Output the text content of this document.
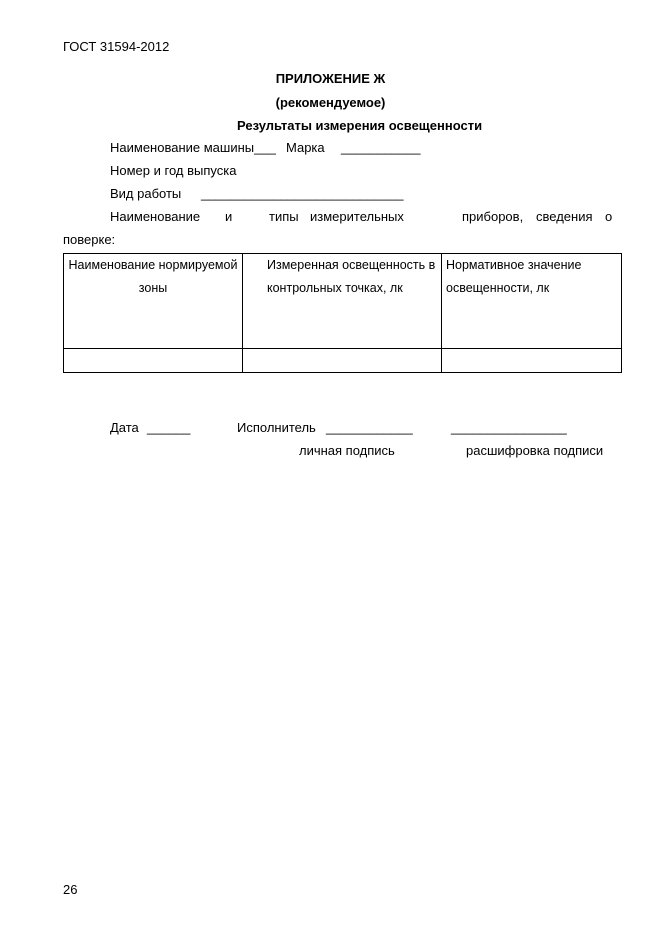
ГОСТ 31594-2012
ПРИЛОЖЕНИЕ Ж
(рекомендуемое)
Результаты измерения освещенности
Наименование машины___ Марка ___________
Номер и год выпуска
Вид работы ____________________________
Наименование и	типы измерительных	приборов, сведения о
поверке:
Наименование нормируемой зоны	Измеренная освещенность в контрольных точках, лк	Нормативное значение освещенности, лк

Дата ______	Исполнитель ____________	________________
личная подпись	расшифровка подписи
26
